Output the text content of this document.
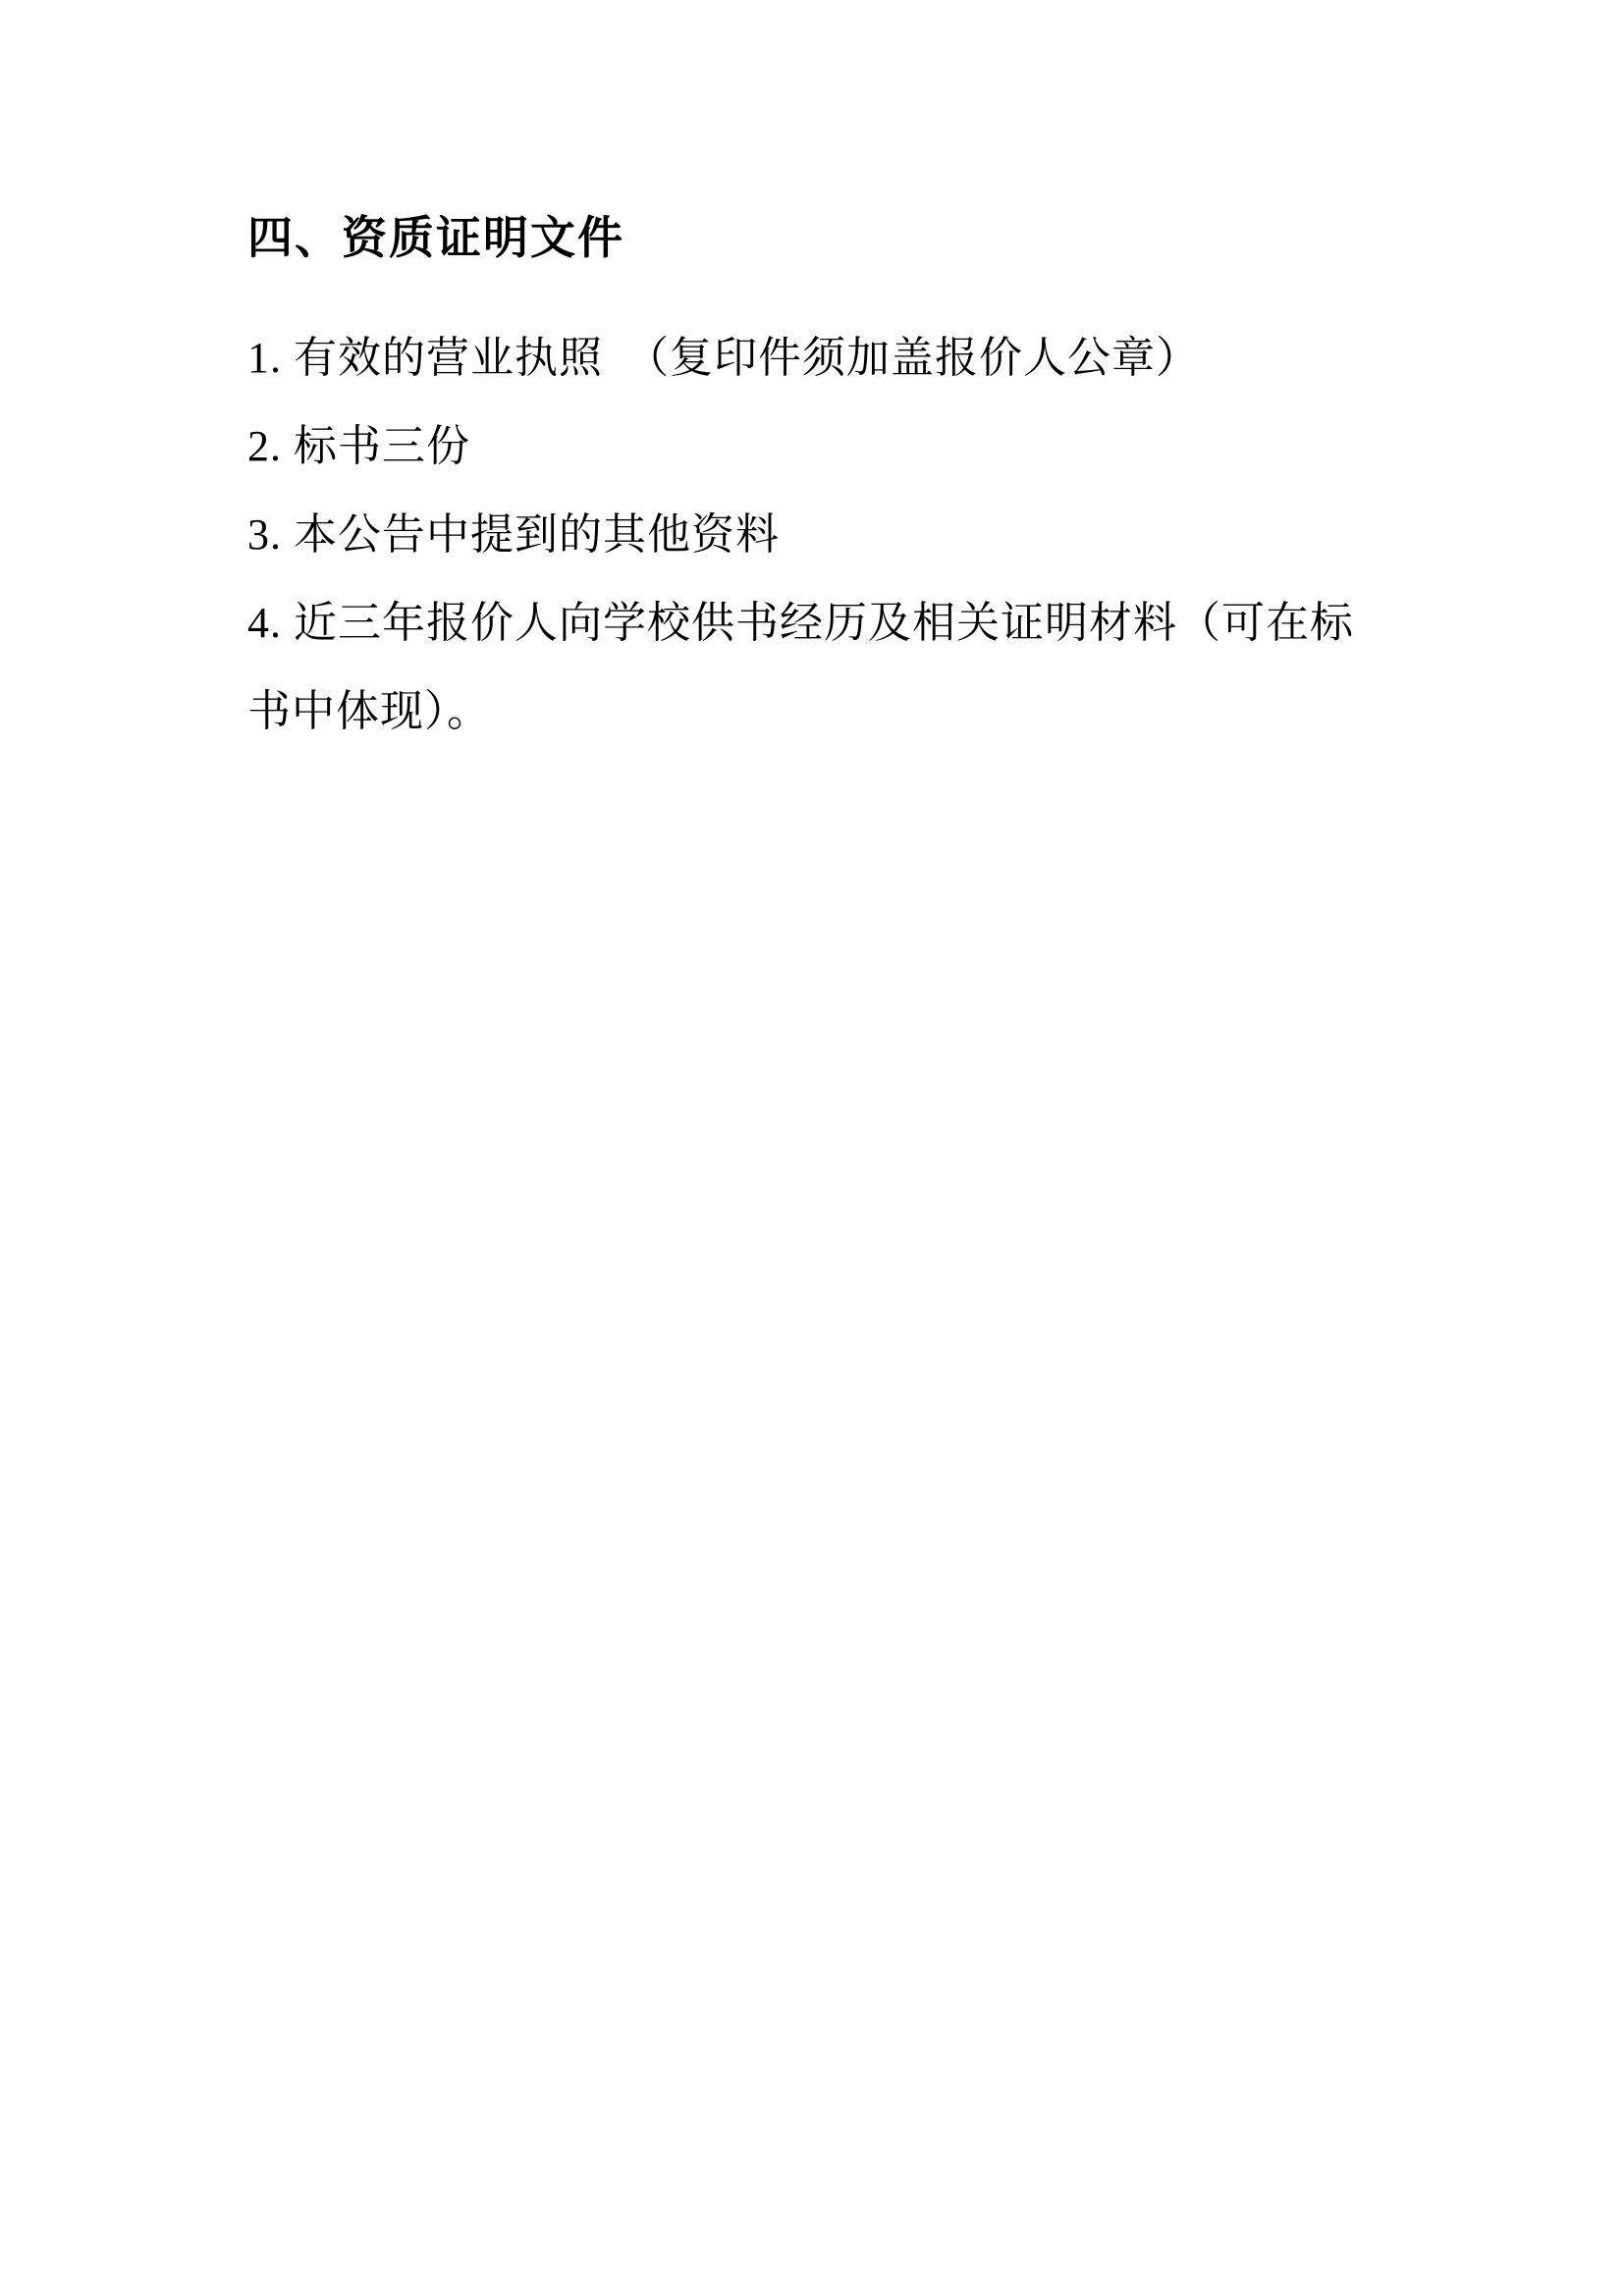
四、资质证明文件

1. 有效的营业执照　（复印件须加盖报价人公章）

2. 标书三份

3. 本公告中提到的其他资料

4. 近三年报价人向学校供书经历及相关证明材料（可在标书中体现）。
